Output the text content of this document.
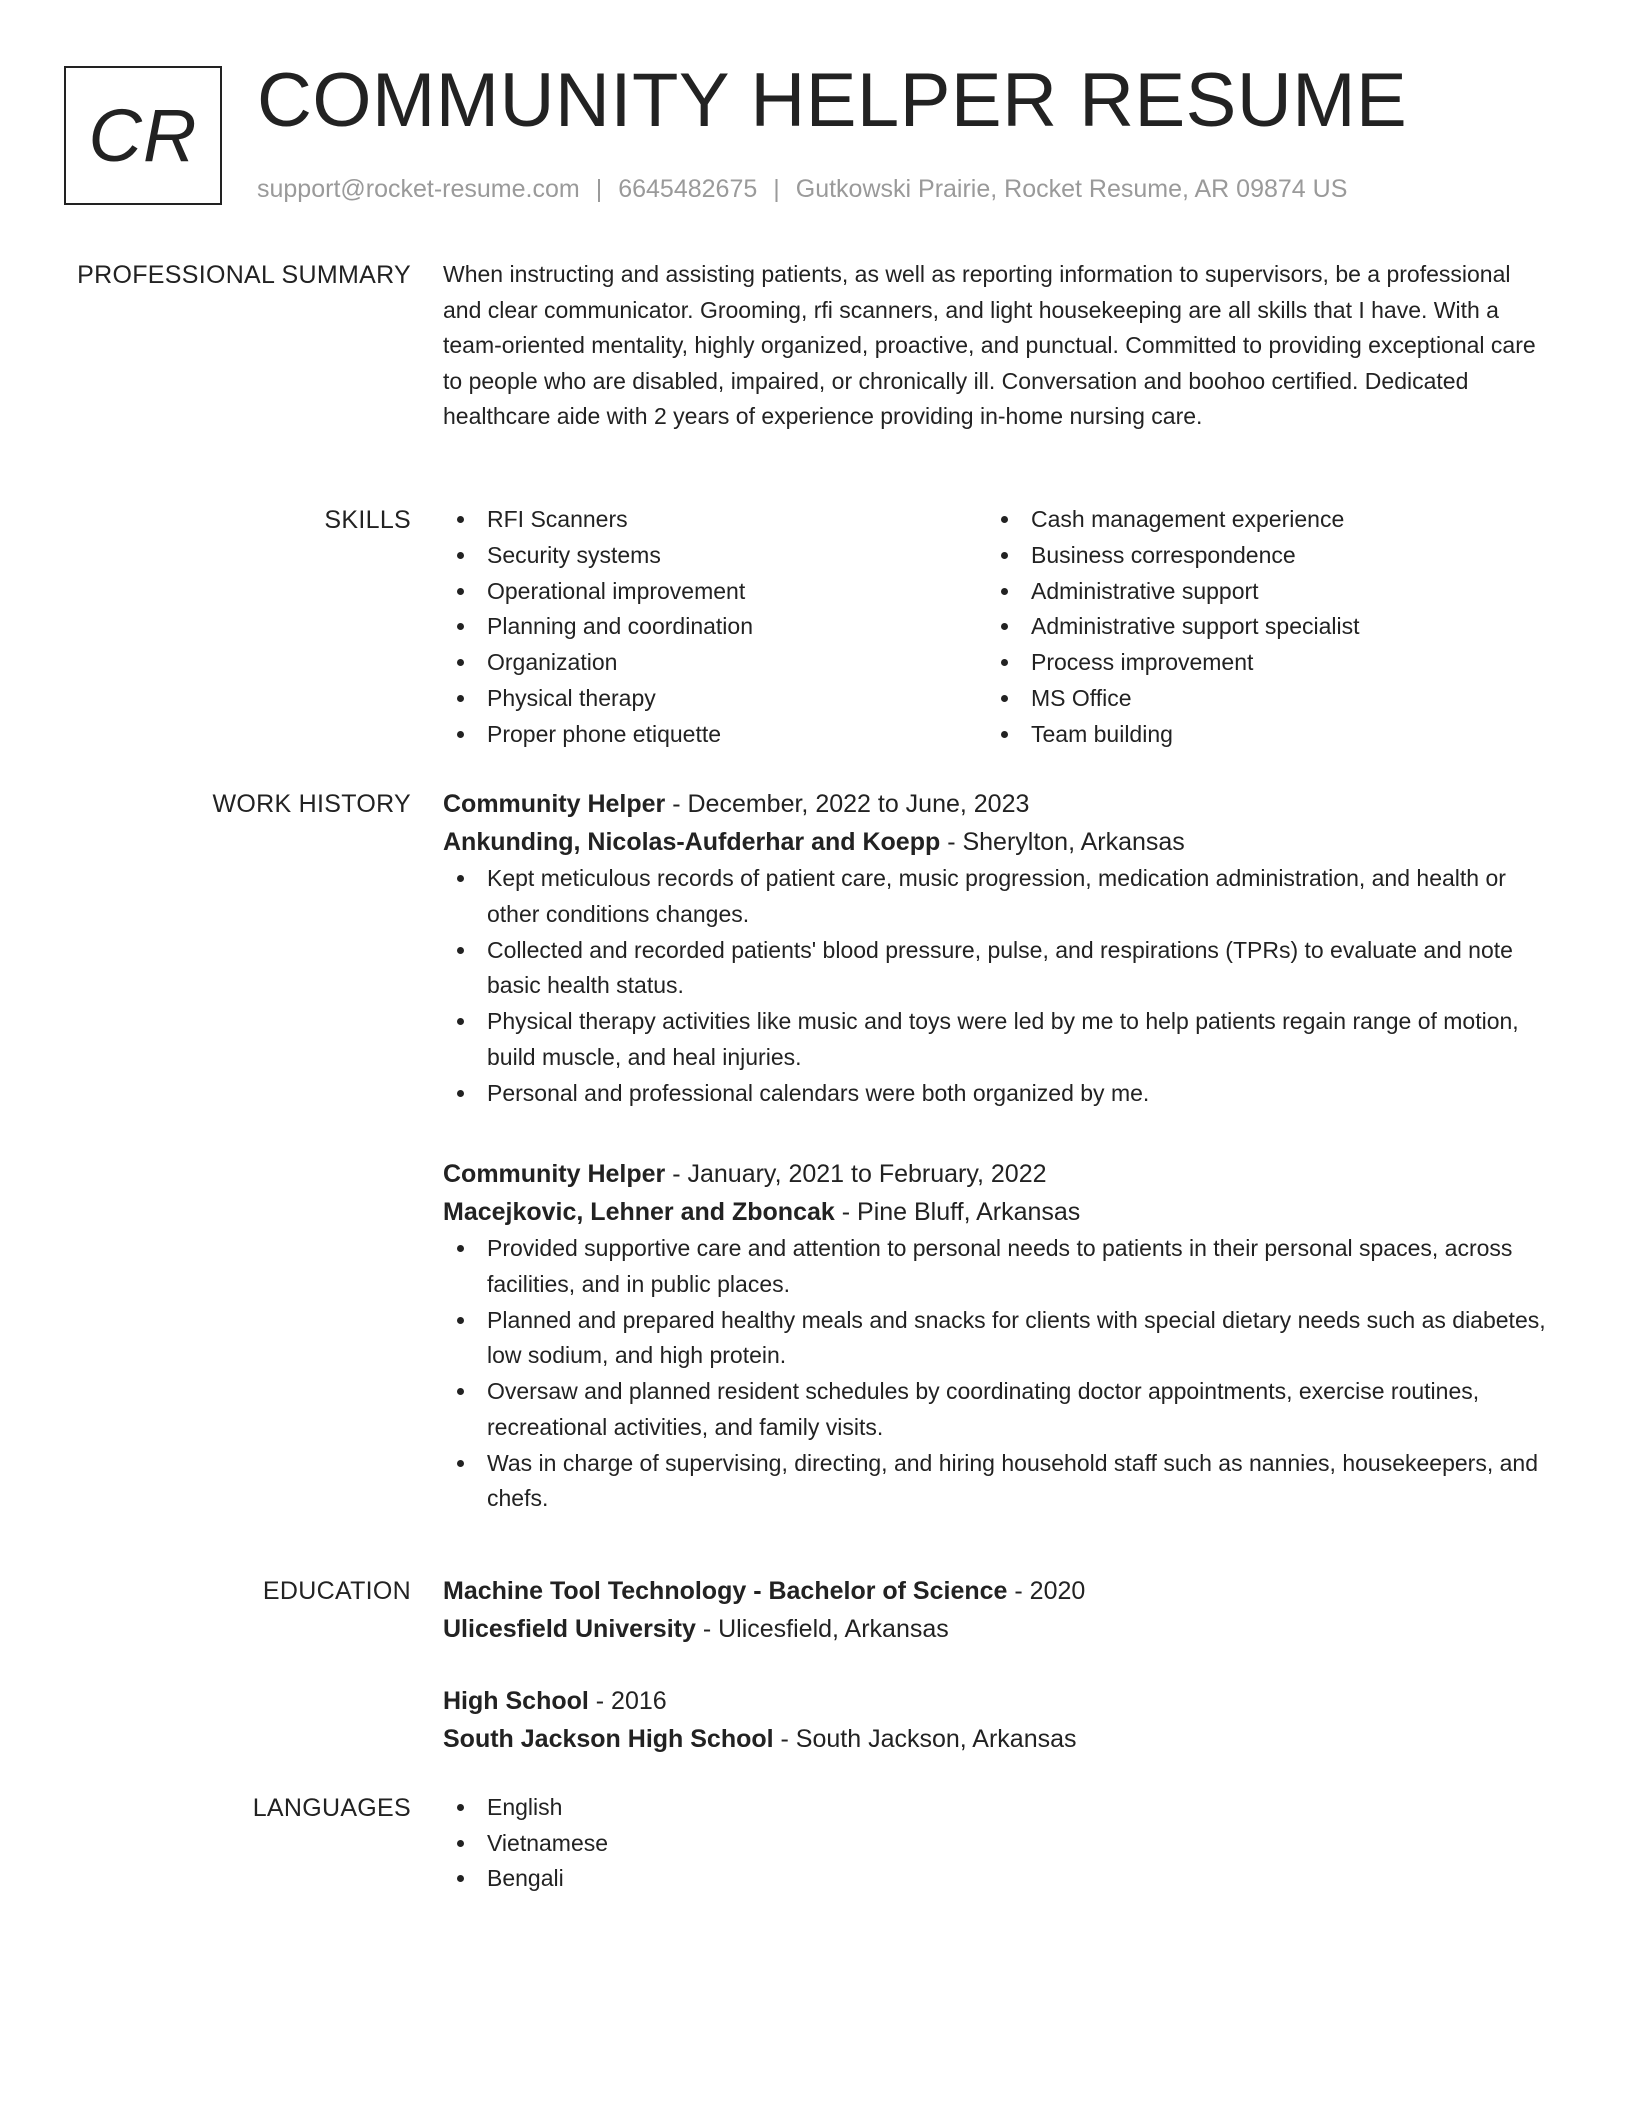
CR COMMUNITY HELPER RESUME
support@rocket-resume.com | 6645482675 | Gutkowski Prairie, Rocket Resume, AR 09874 US
PROFESSIONAL SUMMARY When instructing and assisting patients, as well as reporting information to supervisors, be a professional and clear communicator. Grooming, rfi scanners, and light housekeeping are all skills that I have. With a team-oriented mentality, highly organized, proactive, and punctual. Committed to providing exceptional care to people who are disabled, impaired, or chronically ill. Conversation and boohoo certified. Dedicated healthcare aide with 2 years of experience providing in-home nursing care.

SKILLS	RFI Scanners
Security systems
Operational improvement
Planning and coordination
Organization
Physical therapy
Proper phone etiquette
Cash management experience
Business correspondence
Administrative support
Administrative support specialist
Process improvement
MS Office
Team building
WORK HISTORY Community Helper - December, 2022 to June, 2023
Ankunding, Nicolas-Aufderhar and Koepp - Sherylton, Arkansas
Kept meticulous records of patient care, music progression, medication administration, and health or other conditions changes.
Collected and recorded patients' blood pressure, pulse, and respirations (TPRs) to evaluate and note basic health status.
Physical therapy activities like music and toys were led by me to help patients regain range of motion, build muscle, and heal injuries.
Personal and professional calendars were both organized by me.
Community Helper - January, 2021 to February, 2022
Macejkovic, Lehner and Zboncak - Pine Bluff, Arkansas
Provided supportive care and attention to personal needs to patients in their personal spaces, across facilities, and in public places.
Planned and prepared healthy meals and snacks for clients with special dietary needs such as diabetes, low sodium, and high protein.
Oversaw and planned resident schedules by coordinating doctor appointments, exercise routines, recreational activities, and family visits.
Was in charge of supervising, directing, and hiring household staff such as nannies, housekeepers, and chefs.
EDUCATION Machine Tool Technology - Bachelor of Science - 2020
Ulicesfield University - Ulicesfield, Arkansas
High School - 2016
South Jackson High School - South Jackson, Arkansas
LANGUAGES	English
Vietnamese
Bengali
